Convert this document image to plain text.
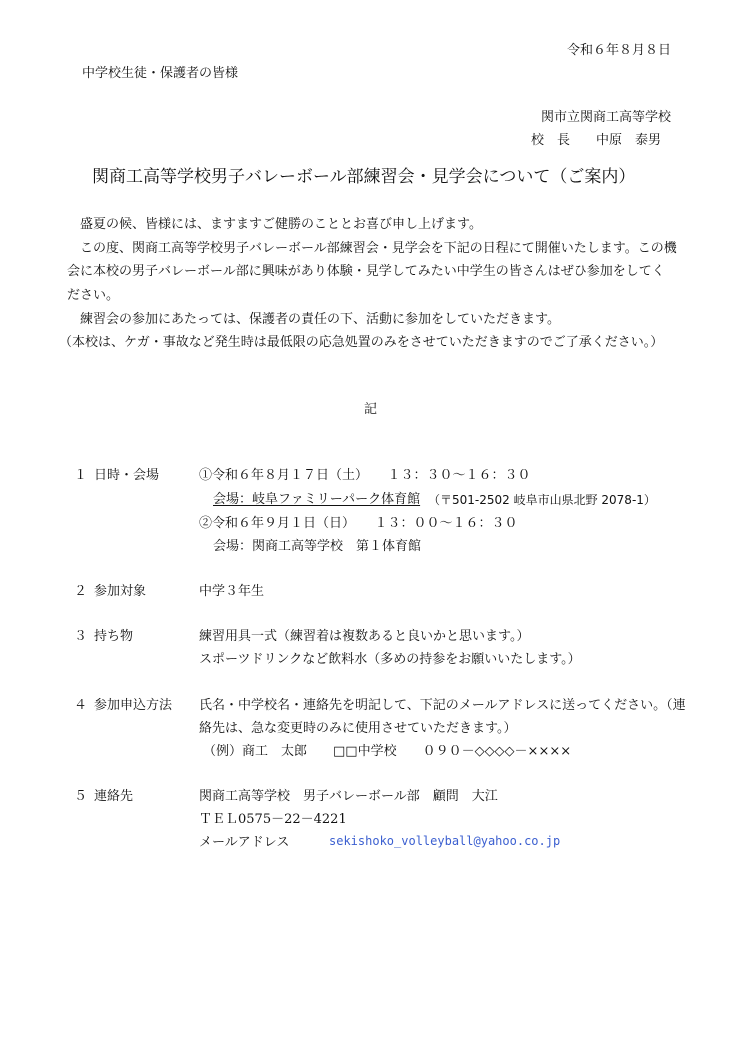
令和６年８月８日
中学校生徒・保護者の皆様
関市立関商工高等学校
校　長　　中原　泰男
関商工高等学校男子バレーボール部練習会・見学会について（ご案内）
盛夏の候、皆様には、ますますご健勝のこととお喜び申し上げます。
この度、関商工高等学校男子バレーボール部練習会・見学会を下記の日程にて開催いたします。この機
会に本校の男子バレーボール部に興味があり体験・見学してみたい中学生の皆さんはぜひ参加をしてく
ださい。
練習会の参加にあたっては、保護者の責任の下、活動に参加をしていただきます。
（本校は、ケガ・事故など発生時は最低限の応急処置のみをさせていただきますのでご了承ください。）
記
１ 日時・会場	①令和６年８月１７日（土）　　１３：３０～１６：３０
会場：岐阜ファミリーパーク体育館 （〒501-2502 岐阜市山県北野 2078-1）
②令和６年９月１日（日）　　１３：００～１６：３０
会場：関商工高等学校　第１体育館
２ 参加対象	中学３年生
３ 持ち物	練習用具一式（練習着は複数あると良いかと思います。）
スポーツドリンクなど飲料水（多めの持参をお願いいたします。）
４ 参加申込方法 氏名・中学校名・連絡先を明記して、下記のメールアドレスに送ってください。（連
絡先は、急な変更時のみに使用させていただきます。）
（例）商工　太郎　　□□中学校　　０９０－◇◇◇◇－××××
５ 連絡先	関商工高等学校　男子バレーボール部　顧問　大江
ＴＥＬ0575－22－4221
メールアドレス	sekishoko_volleyball@yahoo.co.jp
